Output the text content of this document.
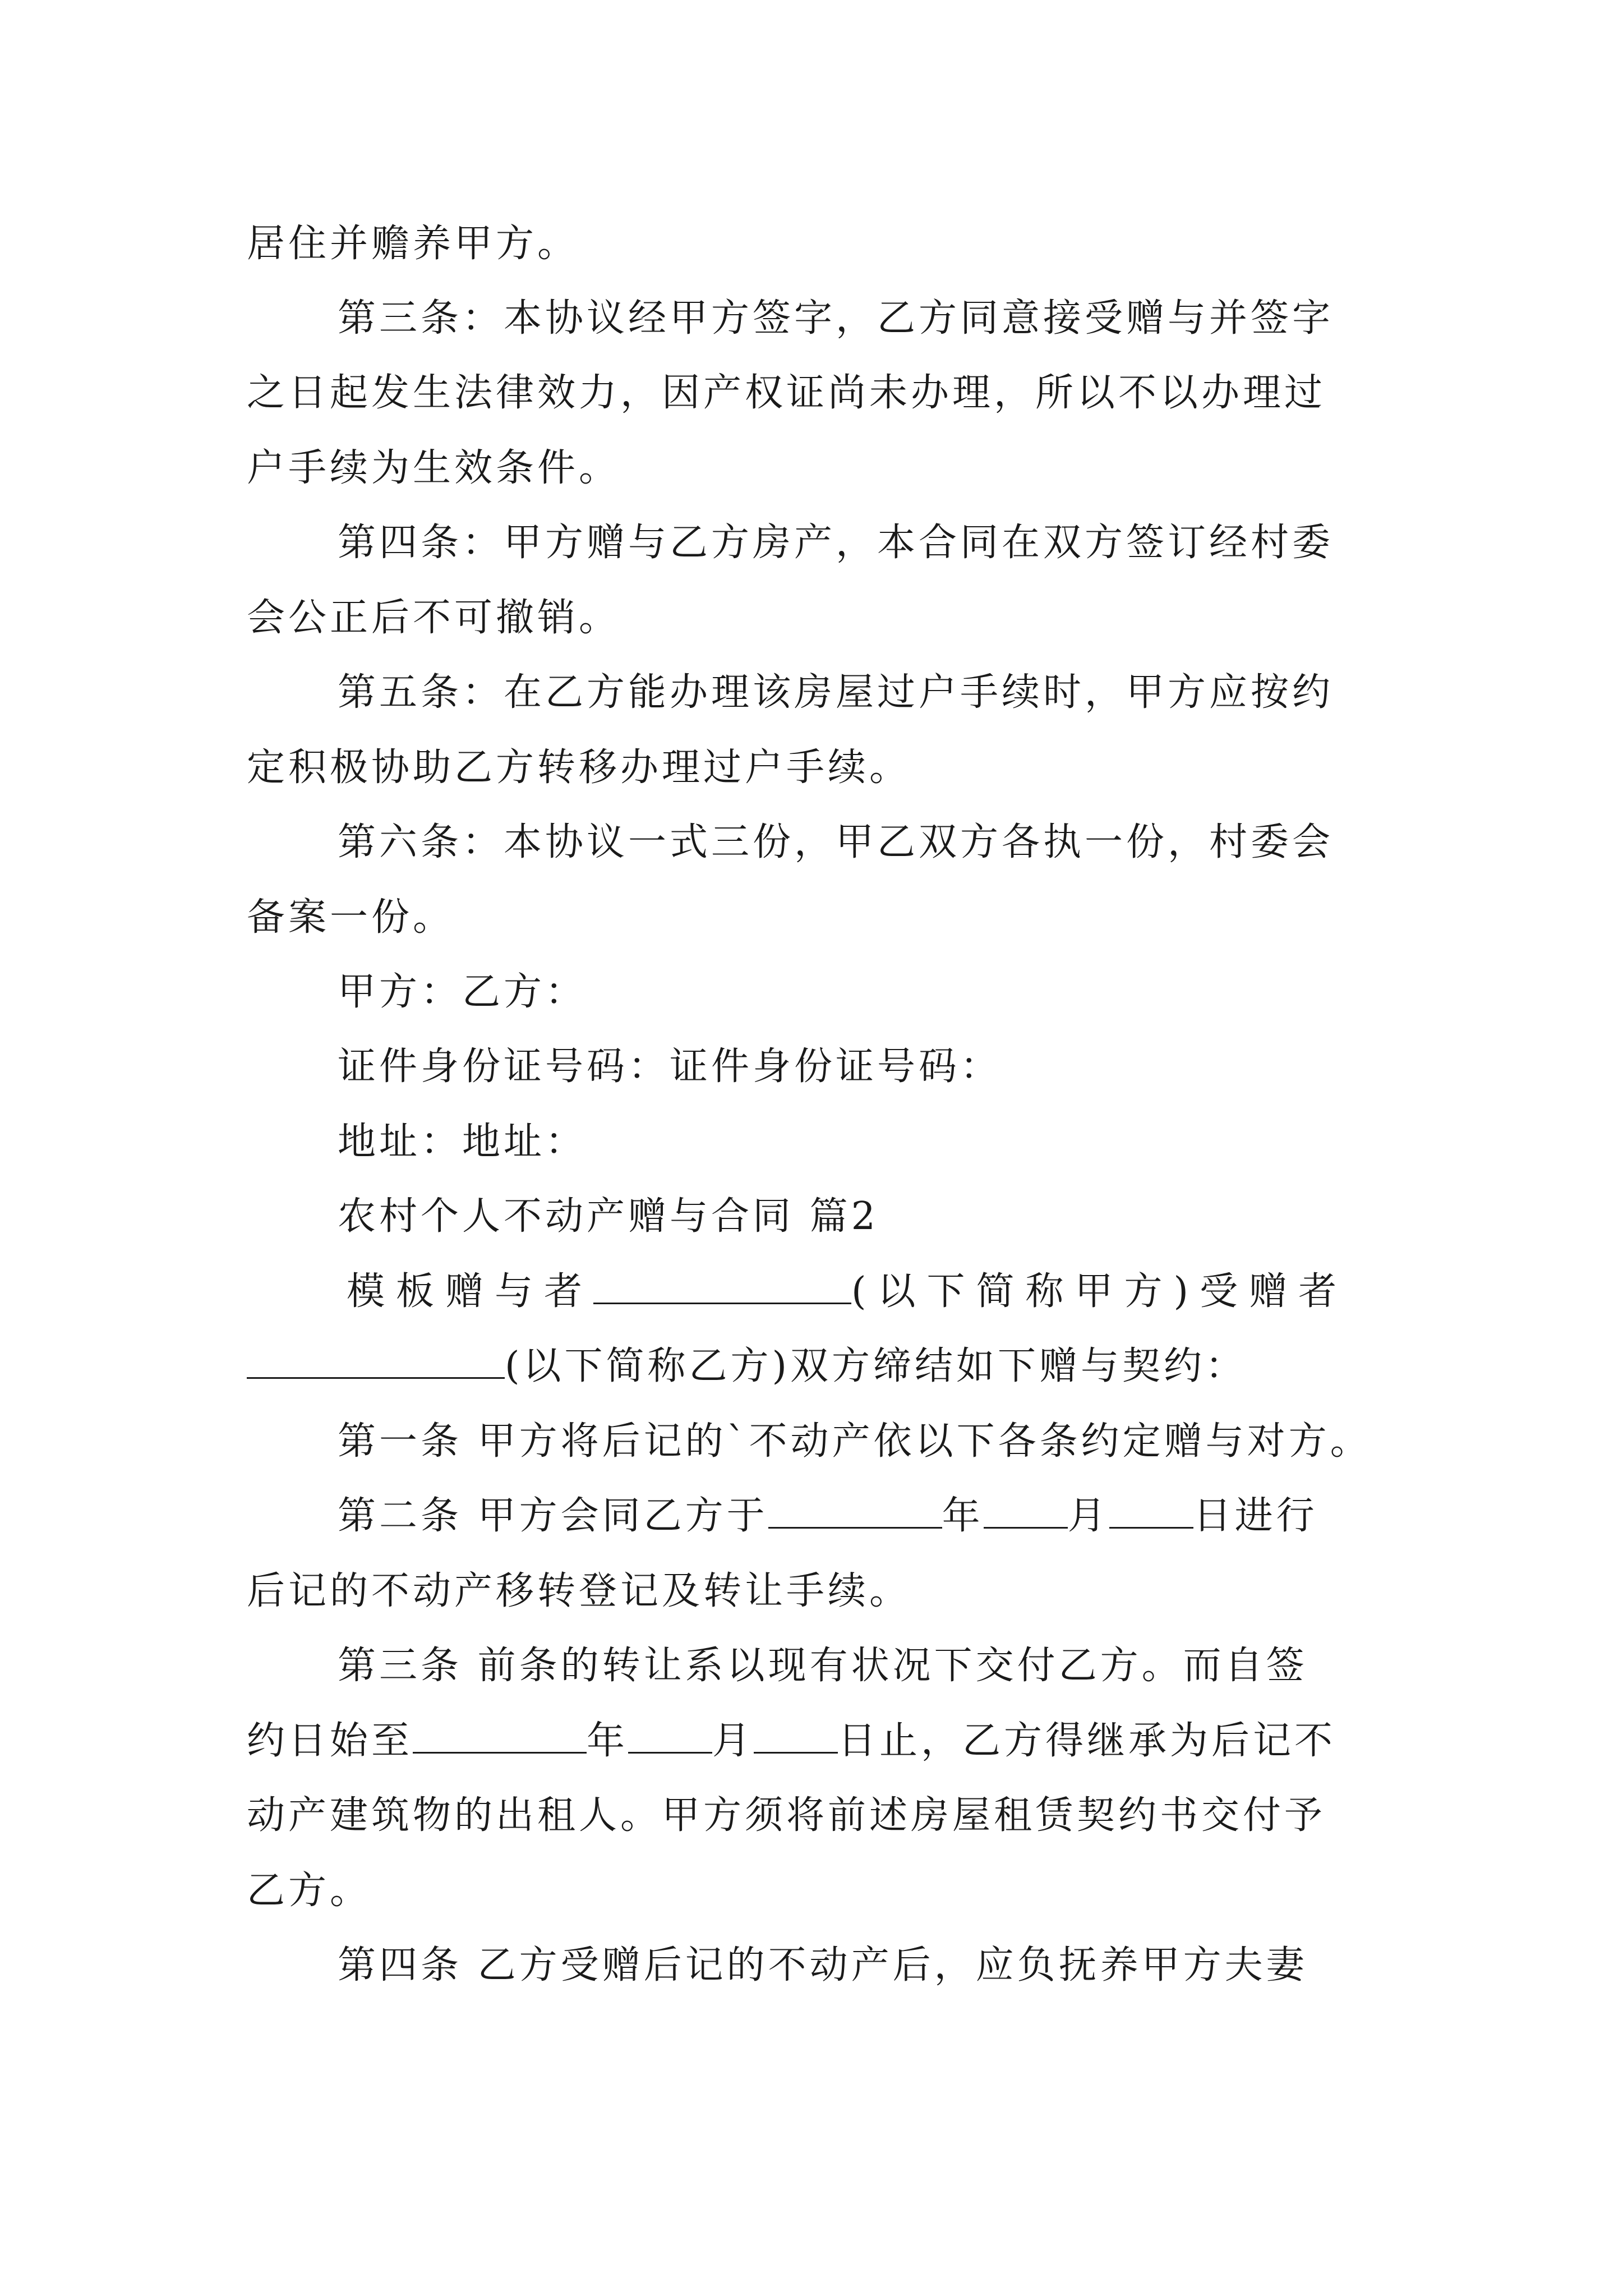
居住并赡养甲方。
第三条：本协议经甲方签字，乙方同意接受赠与并签字
之日起发生法律效力，因产权证尚未办理，所以不以办理过
户手续为生效条件。
第四条：甲方赠与乙方房产，本合同在双方签订经村委
会公正后不可撤销。
第五条：在乙方能办理该房屋过户手续时，甲方应按约
定积极协助乙方转移办理过户手续。
第六条：本协议一式三份，甲乙双方各执一份，村委会
备案一份。
甲方：乙方：
证件身份证号码：证件身份证号码：
地址：地址：
农村个人不动产赠与合同 篇2
模板赠与者	(以下简称甲方)受赠者
(以下简称乙方)双方缔结如下赠与契约：
第一条 甲方将后记的`不动产依以下各条约定赠与对方。
第二条 甲方会同乙方于	年 月 日进行
后记的不动产移转登记及转让手续。
第三条 前条的转让系以现有状况下交付乙方。而自签
约日始至	年 月 日止，乙方得继承为后记不
动产建筑物的出租人。甲方须将前述房屋租赁契约书交付予
乙方。
第四条 乙方受赠后记的不动产后，应负抚养甲方夫妻
